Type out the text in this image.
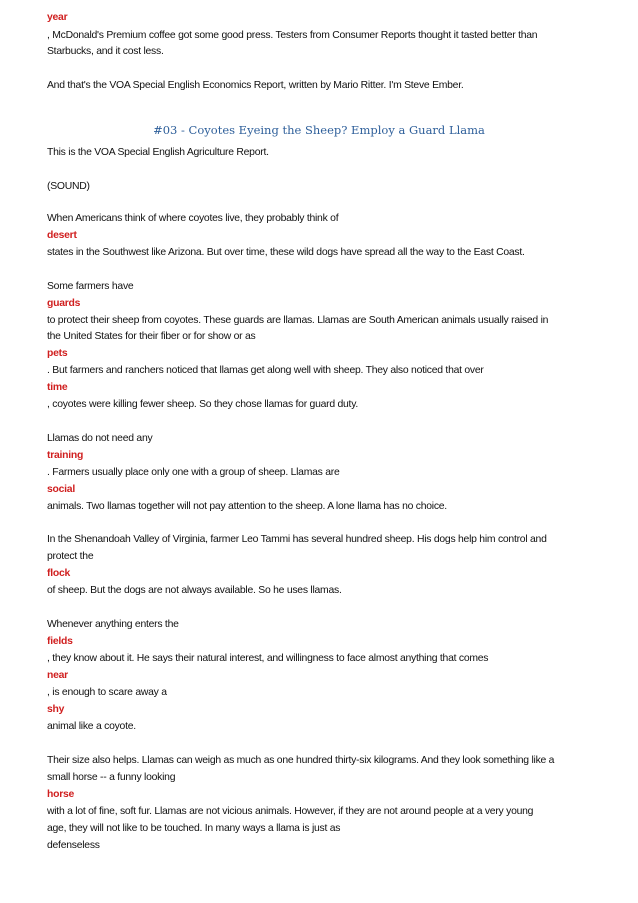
year
, McDonald's Premium coffee got some good press. Testers from Consumer Reports thought it tasted better than
Starbucks, and it cost less.
And that's the VOA Special English Economics Report, written by Mario Ritter. I'm Steve Ember.
#03 - Coyotes Eyeing the Sheep? Employ a Guard Llama
This is the VOA Special English Agriculture Report.
(SOUND)
When Americans think of where coyotes live, they probably think of
desert
states in the Southwest like Arizona. But over time, these wild dogs have spread all the way to the East Coast.
Some farmers have
guards
to protect their sheep from coyotes. These guards are llamas. Llamas are South American animals usually raised in
the United States for their fiber or for show or as
pets
. But farmers and ranchers noticed that llamas get along well with sheep. They also noticed that over
time
, coyotes were killing fewer sheep. So they chose llamas for guard duty.
Llamas do not need any
training
. Farmers usually place only one with a group of sheep. Llamas are
social
animals. Two llamas together will not pay attention to the sheep. A lone llama has no choice.
In the Shenandoah Valley of Virginia, farmer Leo Tammi has several hundred sheep. His dogs help him control and
protect the
flock
of sheep. But the dogs are not always available. So he uses llamas.
Whenever anything enters the
fields
, they know about it. He says their natural interest, and willingness to face almost anything that comes
near
, is enough to scare away a
shy
animal like a coyote.
Their size also helps. Llamas can weigh as much as one hundred thirty-six kilograms. And they look something like a
small horse -- a funny looking
horse
with a lot of fine, soft fur. Llamas are not vicious animals. However, if they are not around people at a very young
age, they will not like to be touched. In many ways a llama is just as
defenseless
